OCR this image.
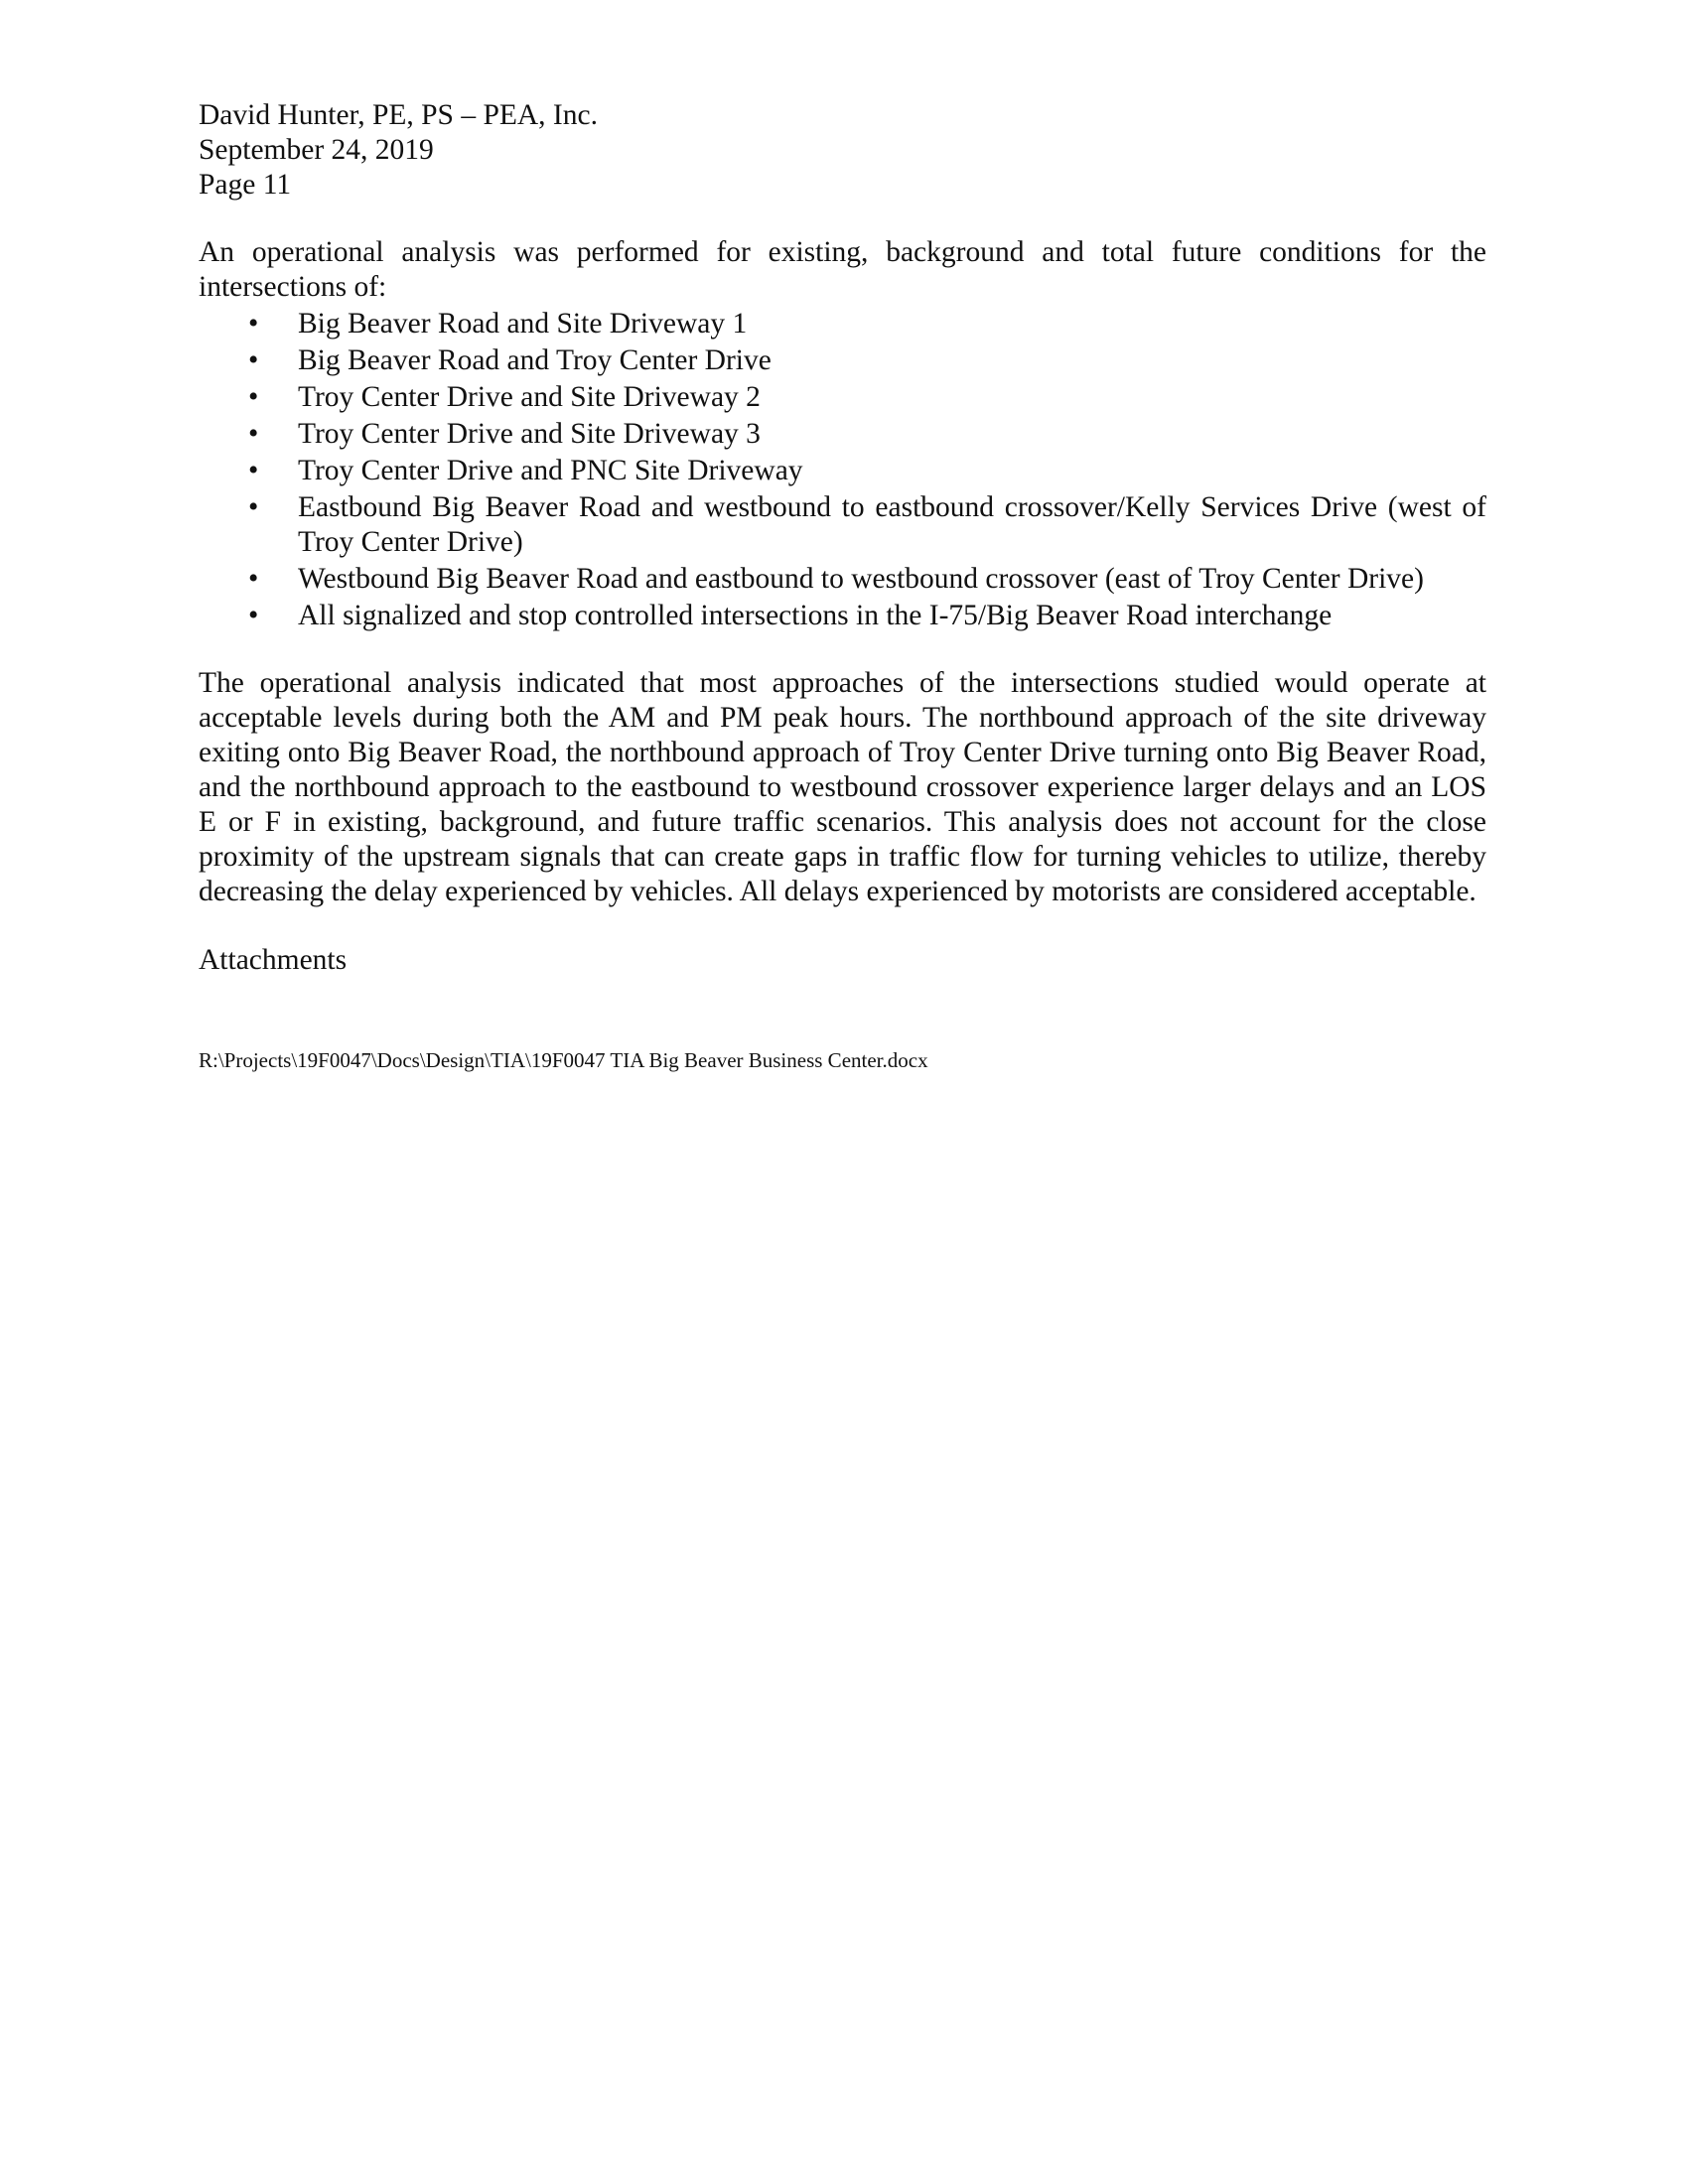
David Hunter, PE, PS – PEA, Inc.

September 24, 2019

Page 11

An operational analysis was performed for existing, background and total future conditions for the intersections of:

•	Big Beaver Road and Site Driveway 1
•	Big Beaver Road and Troy Center Drive
•	Troy Center Drive and Site Driveway 2
•	Troy Center Drive and Site Driveway 3
•	Troy Center Drive and PNC Site Driveway
•	Eastbound Big Beaver Road and westbound to eastbound crossover/Kelly Services Drive (west of Troy Center Drive)
•	Westbound Big Beaver Road and eastbound to westbound crossover (east of Troy Center Drive)
•	All signalized and stop controlled intersections in the I-75/Big Beaver Road interchange

The operational analysis indicated that most approaches of the intersections studied would operate at acceptable levels during both the AM and PM peak hours. The northbound approach of the site driveway exiting onto Big Beaver Road, the northbound approach of Troy Center Drive turning onto Big Beaver Road, and the northbound approach to the eastbound to westbound crossover experience larger delays and an LOS E or F in existing, background, and future traffic scenarios. This analysis does not account for the close proximity of the upstream signals that can create gaps in traffic flow for turning vehicles to utilize, thereby decreasing the delay experienced by vehicles. All delays experienced by motorists are considered acceptable.

Attachments

R:\Projects\19F0047\Docs\Design\TIA\19F0047 TIA Big Beaver Business Center.docx
